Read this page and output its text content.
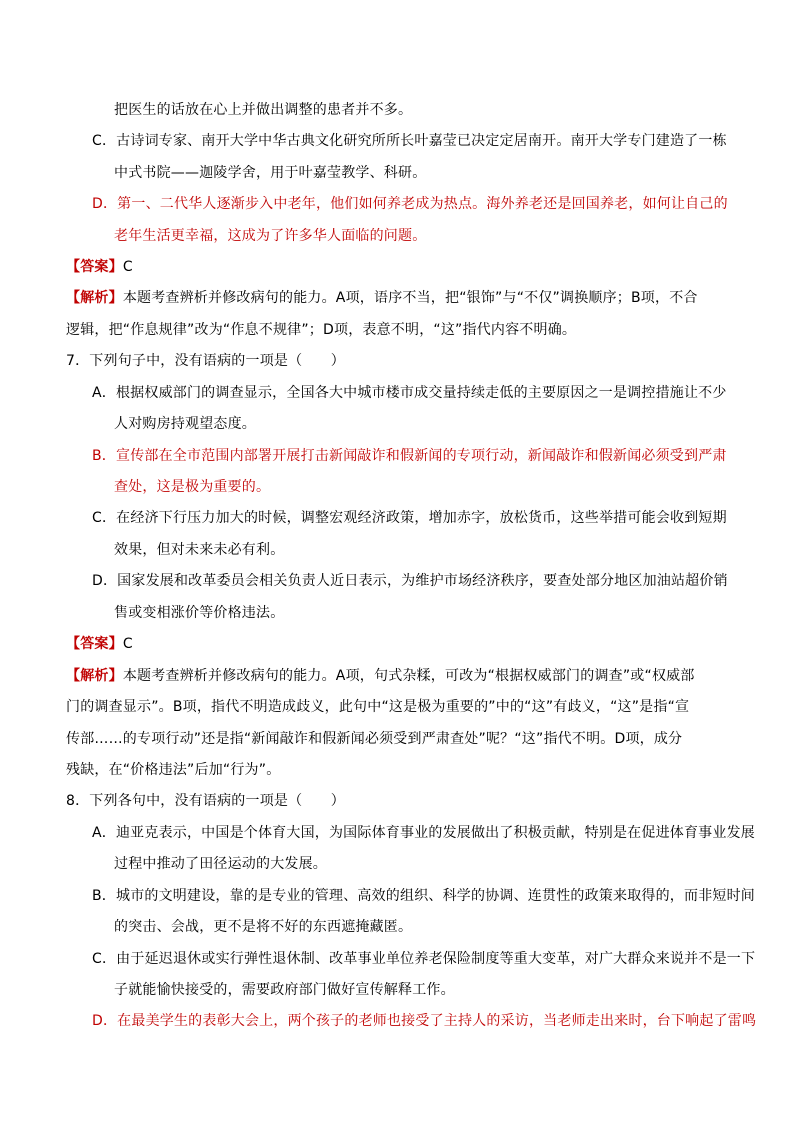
把医生的话放在心上并做出调整的患者并不多。
C．古诗词专家、南开大学中华古典文化研究所所长叶嘉莹已决定定居南开。南开大学专门建造了一栋
中式书院——迦陵学舍，用于叶嘉莹教学、科研。
D．第一、二代华人逐渐步入中老年，他们如何养老成为热点。海外养老还是回国养老，如何让自己的
老年生活更幸福，这成为了许多华人面临的问题。
【答案】C
【解析】本题考查辨析并修改病句的能力。A项，语序不当，把“银饰”与“不仅”调换顺序；B项，不合
逻辑，把“作息规律”改为“作息不规律”；D项，表意不明，“这”指代内容不明确。
7．下列句子中，没有语病的一项是（　　）
A．根据权威部门的调查显示，全国各大中城市楼市成交量持续走低的主要原因之一是调控措施让不少
人对购房持观望态度。
B．宣传部在全市范围内部署开展打击新闻敲诈和假新闻的专项行动，新闻敲诈和假新闻必须受到严肃
查处，这是极为重要的。
C．在经济下行压力加大的时候，调整宏观经济政策，增加赤字，放松货币，这些举措可能会收到短期
效果，但对未来未必有利。
D．国家发展和改革委员会相关负责人近日表示，为维护市场经济秩序，要查处部分地区加油站超价销
售或变相涨价等价格违法。
【答案】C
【解析】本题考查辨析并修改病句的能力。A项，句式杂糅，可改为“根据权威部门的调查”或“权威部
门的调查显示”。B项，指代不明造成歧义，此句中“这是极为重要的”中的“这”有歧义，“这”是指“宣
传部……的专项行动”还是指“新闻敲诈和假新闻必须受到严肃查处”呢？“这”指代不明。D项，成分
残缺，在“价格违法”后加“行为”。
8．下列各句中，没有语病的一项是（　　）
A．迪亚克表示，中国是个体育大国，为国际体育事业的发展做出了积极贡献，特别是在促进体育事业发展
过程中推动了田径运动的大发展。
B．城市的文明建设，靠的是专业的管理、高效的组织、科学的协调、连贯性的政策来取得的，而非短时间
的突击、会战，更不是将不好的东西遮掩藏匿。
C．由于延迟退休或实行弹性退休制、改革事业单位养老保险制度等重大变革，对广大群众来说并不是一下
子就能愉快接受的，需要政府部门做好宣传解释工作。
D．在最美学生的表彰大会上，两个孩子的老师也接受了主持人的采访，当老师走出来时，台下响起了雷鸣
